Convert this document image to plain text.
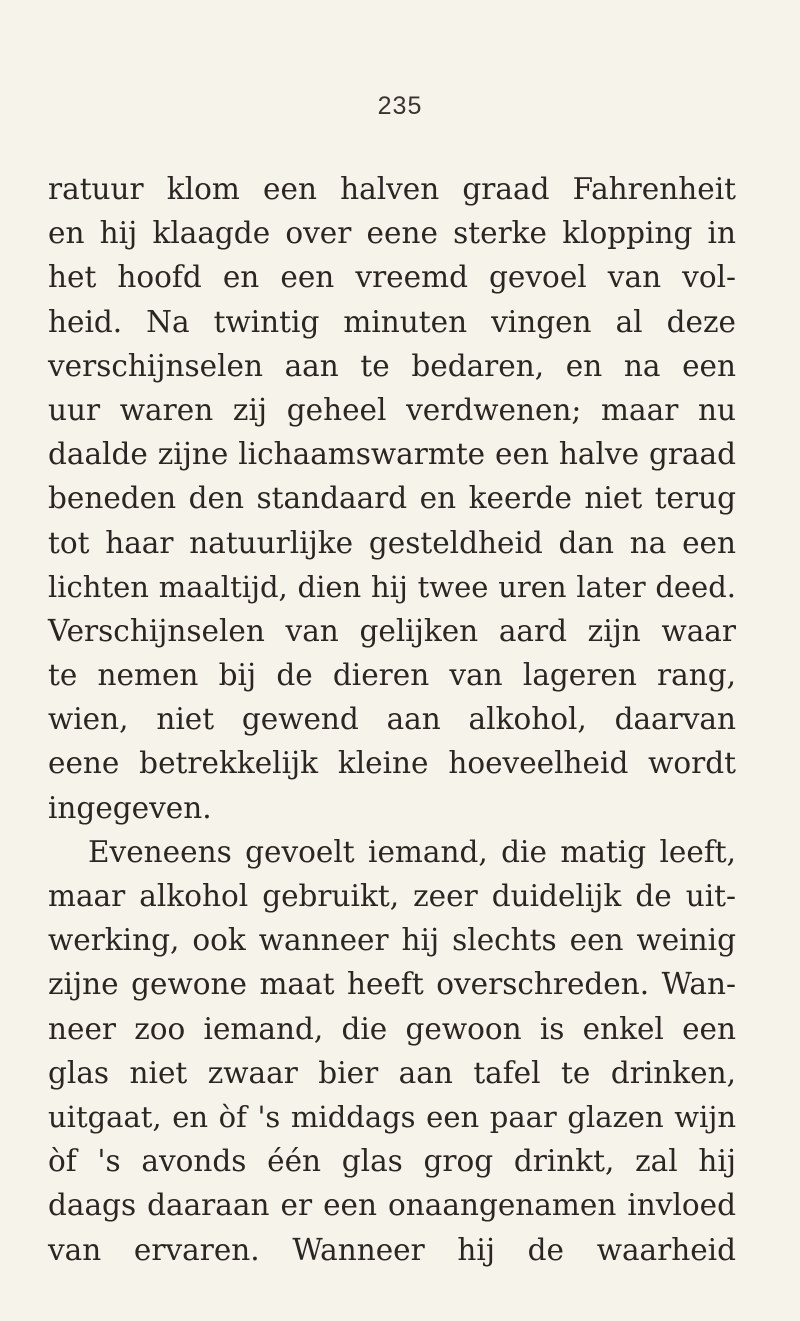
235
ratuur klom een halven graad Fahrenheit
en hij klaagde over eene sterke klopping in
het hoofd en een vreemd gevoel van vol-
heid. Na twintig minuten vingen al deze
verschijnselen aan te bedaren, en na een
uur waren zij geheel verdwenen; maar nu
daalde zijne lichaamswarmte een halve graad
beneden den standaard en keerde niet terug
tot haar natuurlijke gesteldheid dan na een
lichten maaltijd, dien hij twee uren later deed.
Verschijnselen van gelijken aard zijn waar
te nemen bij de dieren van lageren rang,
wien, niet gewend aan alkohol, daarvan
eene betrekkelijk kleine hoeveelheid wordt
ingegeven.
Eveneens gevoelt iemand, die matig leeft,
maar alkohol gebruikt, zeer duidelijk de uit-
werking, ook wanneer hij slechts een weinig
zijne gewone maat heeft overschreden. Wan-
neer zoo iemand, die gewoon is enkel een
glas niet zwaar bier aan tafel te drinken,
uitgaat, en òf 's middags een paar glazen wijn
òf 's avonds één glas grog drinkt, zal hij
daags daaraan er een onaangenamen invloed
van ervaren. Wanneer hij de waarheid
